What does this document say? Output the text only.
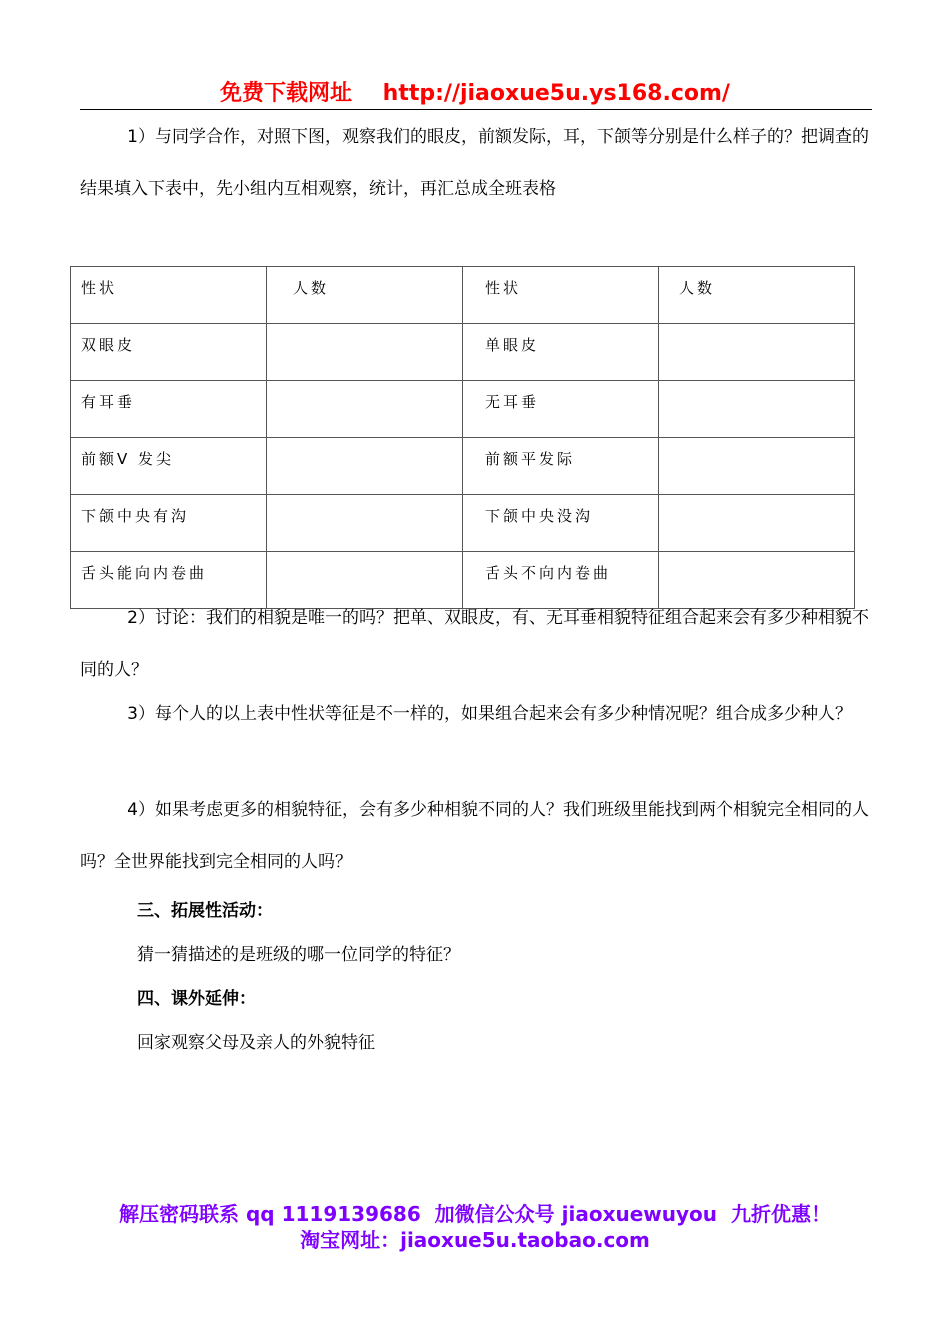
免费下载网址    http://jiaoxue5u.ys168.com/
1）与同学合作，对照下图，观察我们的眼皮，前额发际，耳，下颌等分别是什么样子的？把调查的结果填入下表中，先小组内互相观察，统计，再汇总成全班表格
性状	人数	性状	人数
双眼皮		单眼皮	
有耳垂		无耳垂	
前额V 发尖		前额平发际	
下颌中央有沟		下颌中央没沟	
舌头能向内卷曲		舌头不向内卷曲	
2）讨论：我们的相貌是唯一的吗？把单、双眼皮，有、无耳垂相貌特征组合起来会有多少种相貌不同的人？
3）每个人的以上表中性状等征是不一样的，如果组合起来会有多少种情况呢？组合成多少种人？
4）如果考虑更多的相貌特征，会有多少种相貌不同的人？我们班级里能找到两个相貌完全相同的人吗？全世界能找到完全相同的人吗？
三、拓展性活动：
猜一猜描述的是班级的哪一位同学的特征？
四、课外延伸：
回家观察父母及亲人的外貌特征
解压密码联系 qq 1119139686  加微信公众号 jiaoxuewuyou  九折优惠！
淘宝网址：jiaoxue5u.taobao.com
